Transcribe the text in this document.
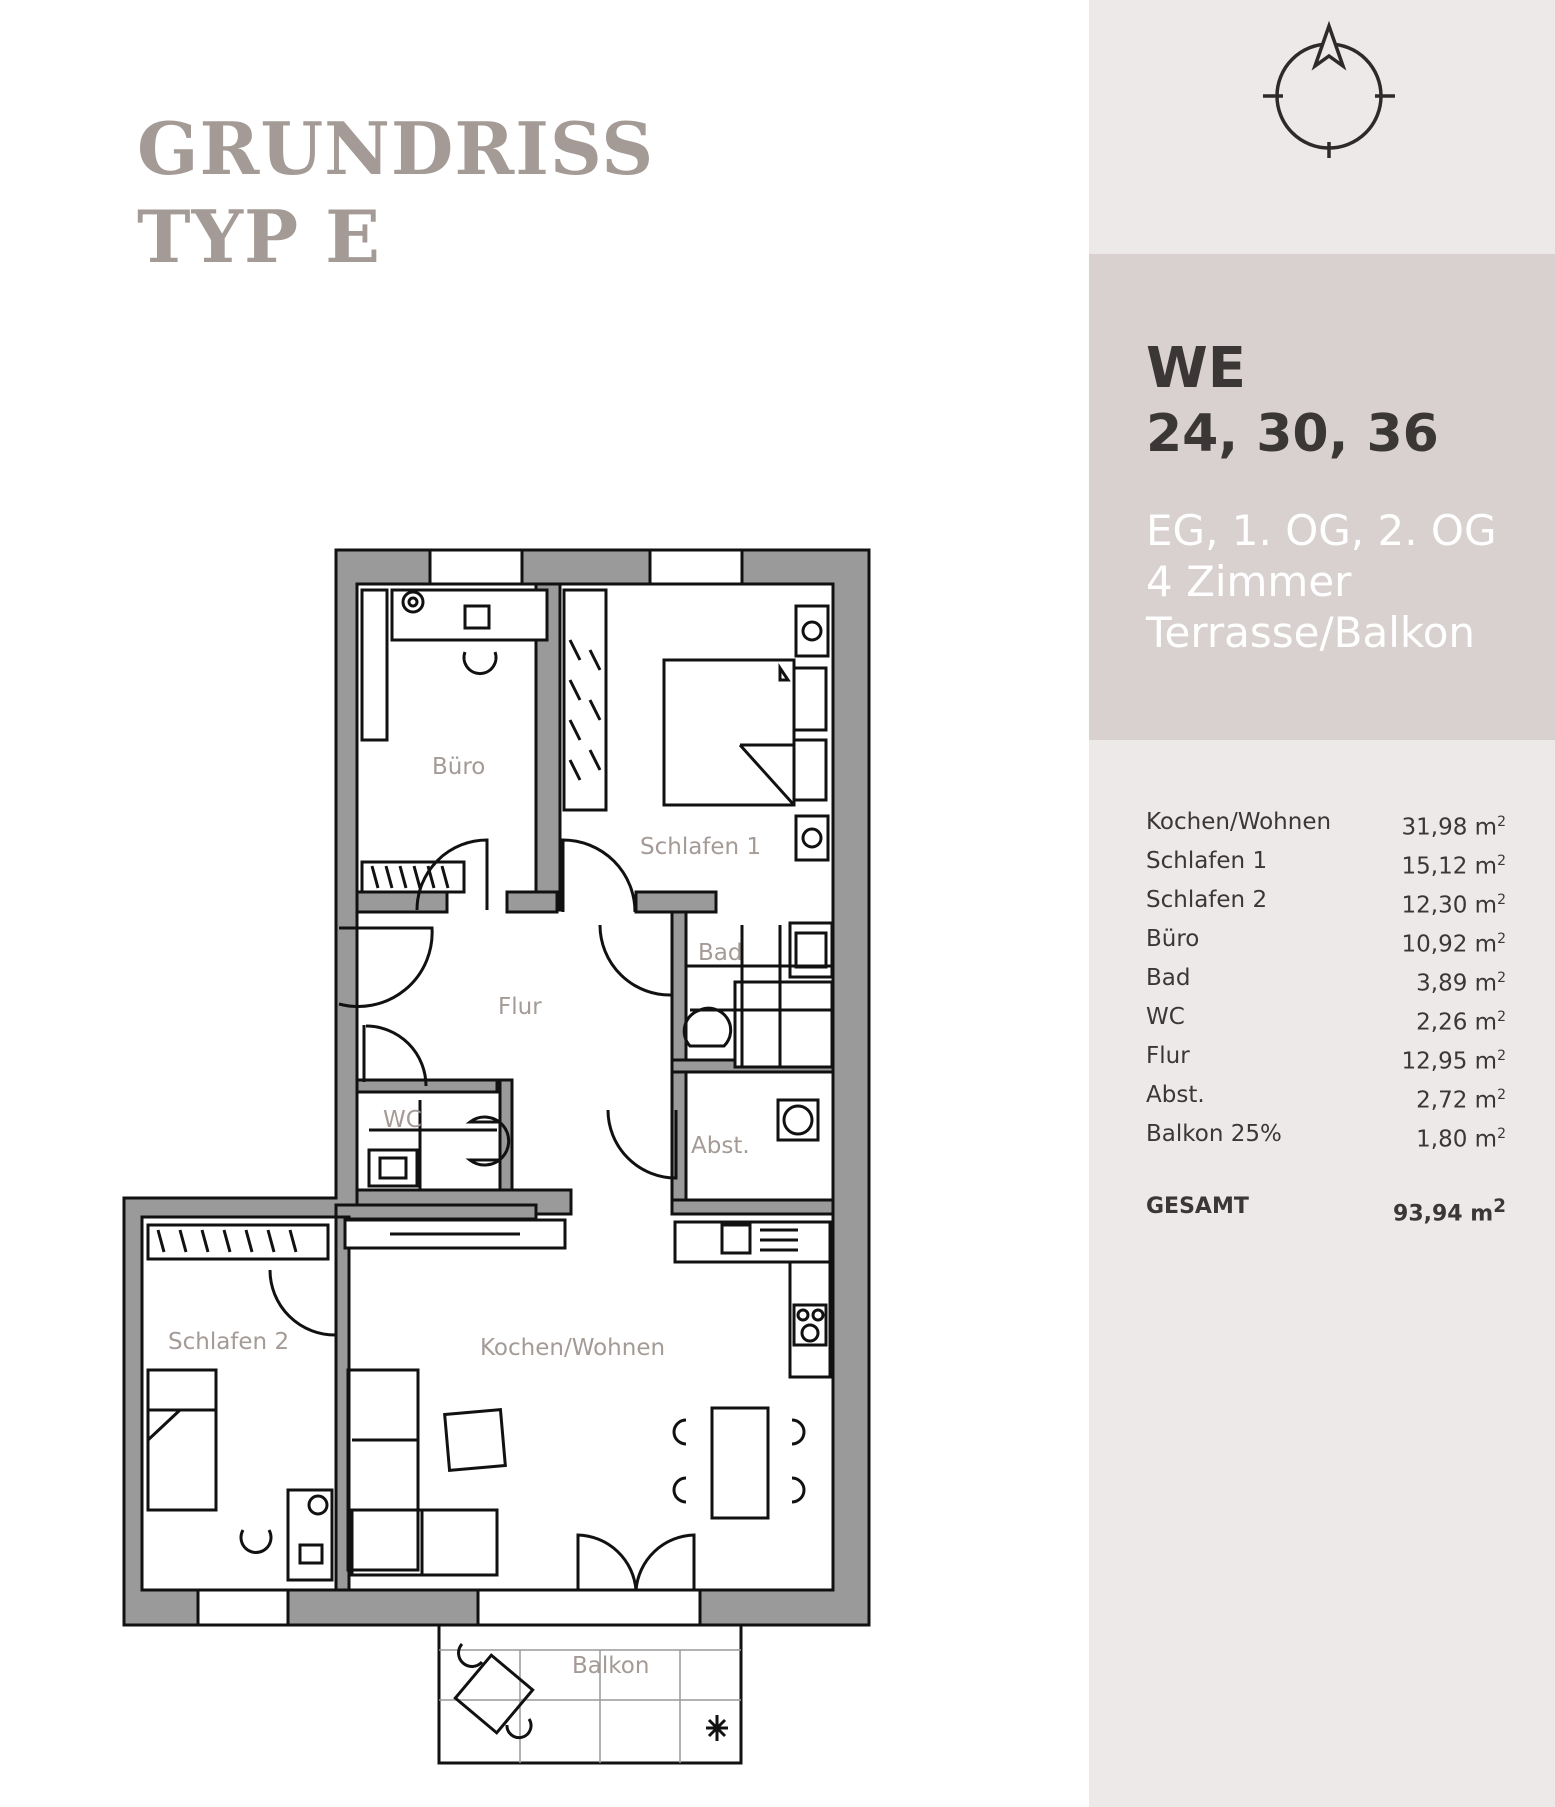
GRUNDRISS
TYP E
Büro
Schlafen 1
Bad
Flur
WC
Abst.
Schlafen 2	Kochen/Wohnen
Balkon
WE
24, 30, 36
EG, 1. OG, 2. OG
4 Zimmer
Terrasse/Balkon
Kochen/Wohnen	31,98 $m^2$
Schlafen 1	15,12 $m^2$
Schlafen 2	12,30 $m^2$
Büro	10,92 $m^2$
Bad	3,89 $m^2$
WC	2,26 $m^2$
Flur	12,95 $m^2$
Abst.	2,72 $m^2$
Balkon 25%	1,80 $m^2$
GESAMT	93,94 $m^2$
